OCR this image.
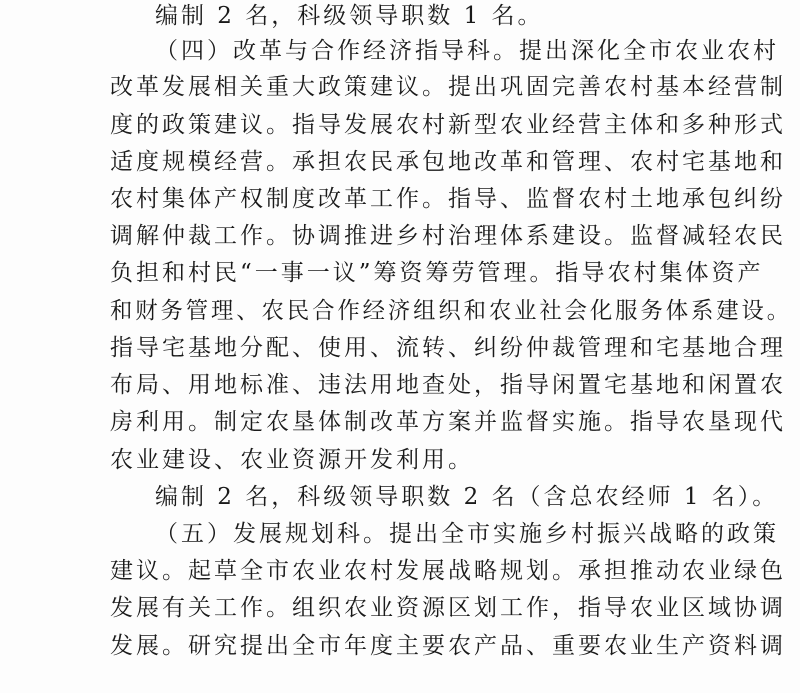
编制 2 名，科级领导职数 1 名。
（四）改革与合作经济指导科。提出深化全市农业农村
改革发展相关重大政策建议。提出巩固完善农村基本经营制
度的政策建议。指导发展农村新型农业经营主体和多种形式
适度规模经营。承担农民承包地改革和管理、农村宅基地和
农村集体产权制度改革工作。指导、监督农村土地承包纠纷
调解仲裁工作。协调推进乡村治理体系建设。监督减轻农民
负担和村民“一事一议”筹资筹劳管理。指导农村集体资产
和财务管理、农民合作经济组织和农业社会化服务体系建设。
指导宅基地分配、使用、流转、纠纷仲裁管理和宅基地合理
布局、用地标准、违法用地查处，指导闲置宅基地和闲置农
房利用。制定农垦体制改革方案并监督实施。指导农垦现代
农业建设、农业资源开发利用。
编制 2 名，科级领导职数 2 名（含总农经师 1 名）。
（五）发展规划科。提出全市实施乡村振兴战略的政策
建议。起草全市农业农村发展战略规划。承担推动农业绿色
发展有关工作。组织农业资源区划工作，指导农业区域协调
发展。研究提出全市年度主要农产品、重要农业生产资料调
